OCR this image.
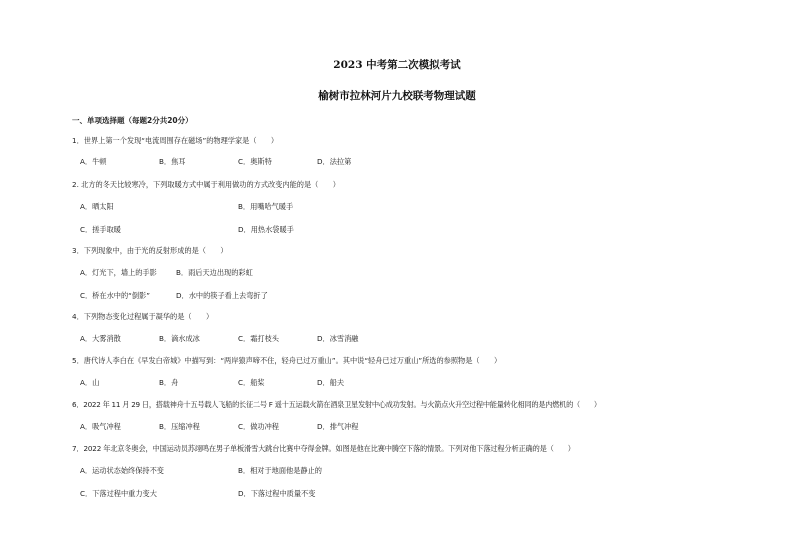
2023 中考第二次模拟考试
榆树市拉林河片九校联考物理试题
一、单项选择题（每题2分共20分）
1．世界上第一个发现“电流周围存在磁场”的物理学家是（　　）
A．牛顿	B．焦耳	C．奥斯特	D．法拉第
2. 北方的冬天比较寒冷，下列取暖方式中属于利用做功的方式改变内能的是（　　）
A．晒太阳	B．用嘴哈气暖手
C．搓手取暖	D．用热水袋暖手
3．下列现象中，由于光的反射形成的是（　　）
A．灯光下，墙上的手影	B．雨后天边出现的彩虹
C．桥在水中的“倒影”	D．水中的筷子看上去弯折了
4．下列物态变化过程属于凝华的是（　　）
A．大雾消散	B．滴水成冰	C．霜打枝头	D．冰雪消融
5．唐代诗人李白在《早发白帝城》中描写到：“两岸猿声啼不住，轻舟已过万重山”。其中说“轻舟已过万重山”所选的参照物是（　　）
A．山	B．舟	C．船桨	D．船夫
6．2022 年 11 月 29 日，搭载神舟十五号载人飞船的长征二号 F 遥十五运载火箭在酒泉卫星发射中心成功发射。与火箭点火升空过程中能量转化相同的是内燃机的（　　）
A．吸气冲程	B．压缩冲程	C．做功冲程	D．排气冲程
7．2022 年北京冬奥会，中国运动员苏翊鸣在男子单板滑雪大跳台比赛中夺得金牌。如图是他在比赛中腾空下落的情景。下列对他下落过程分析正确的是（　　）
A．运动状态始终保持不变	B．相对于地面他是静止的
C．下落过程中重力变大	D．下落过程中质量不变
